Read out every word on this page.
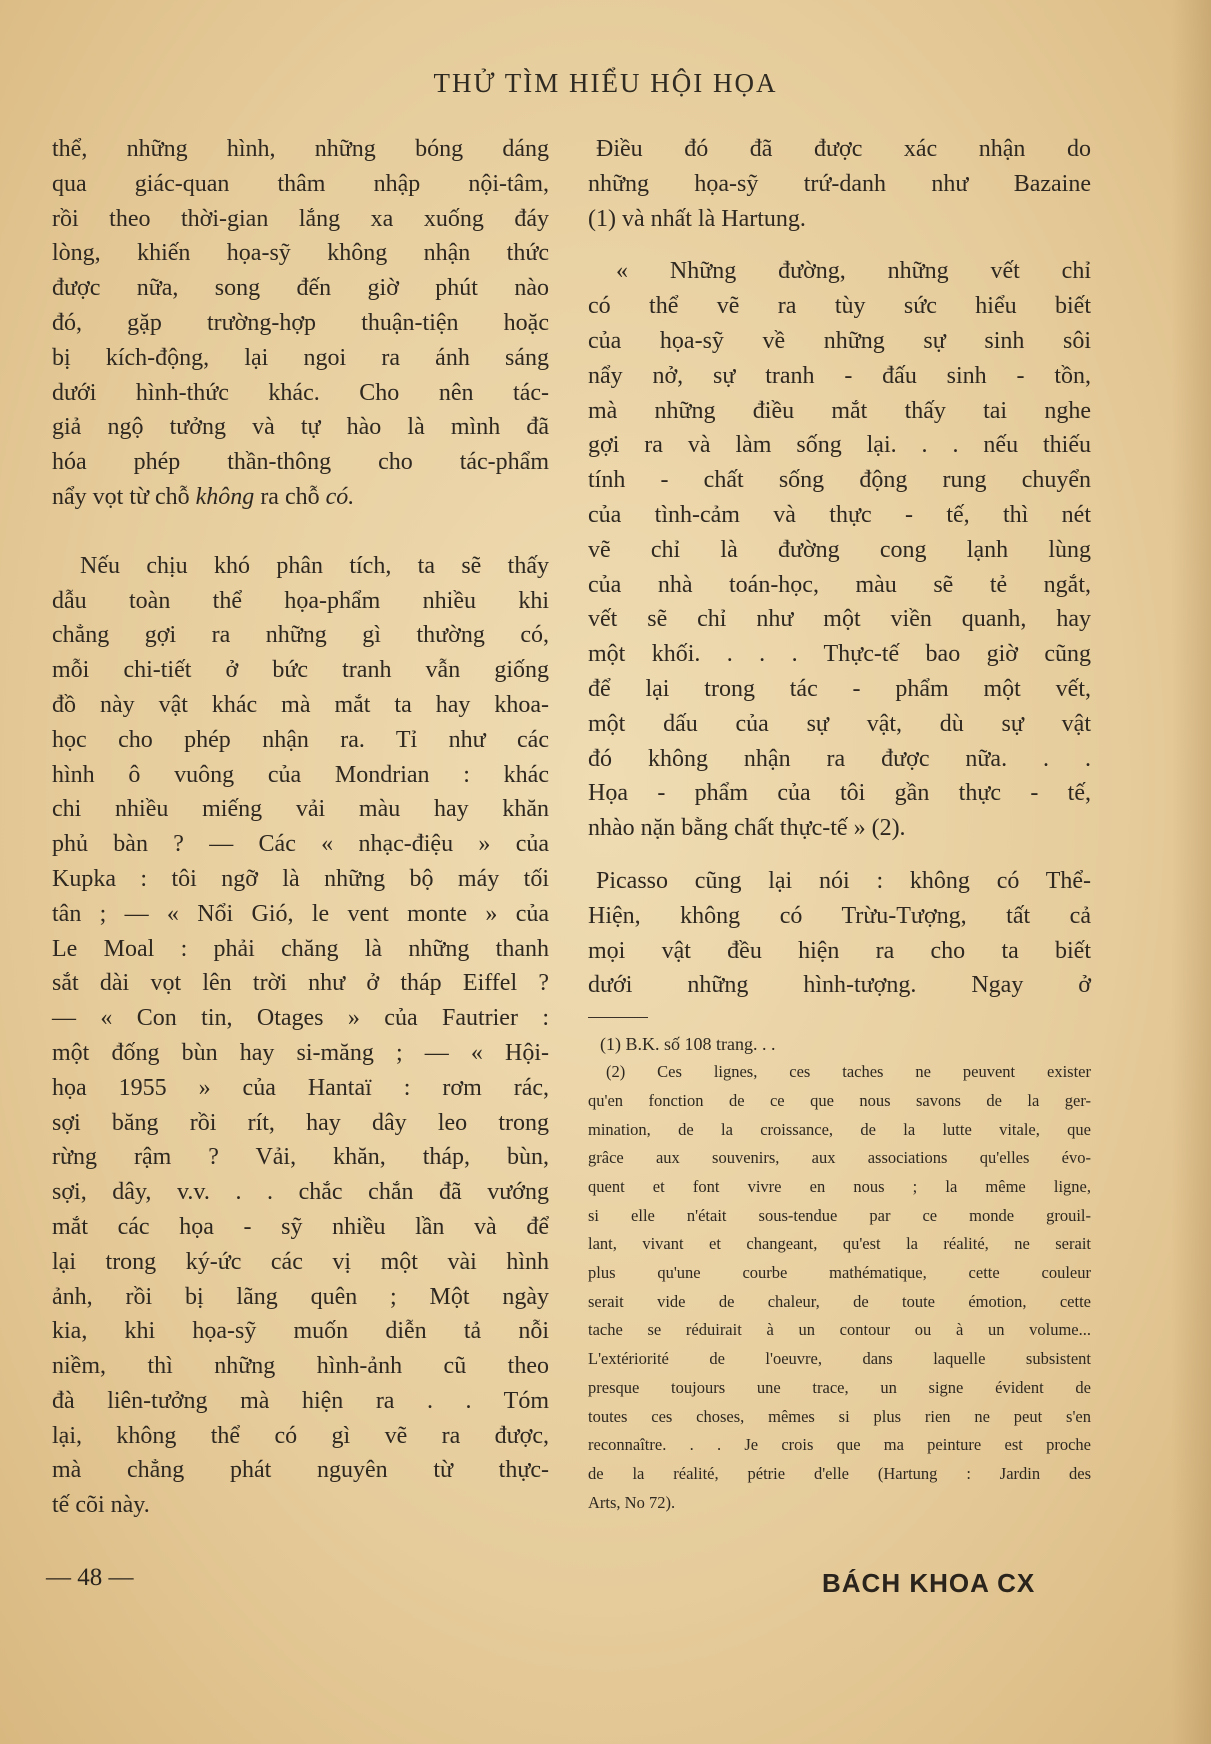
THỬ TÌM HIỂU HỘI HỌA

thể, những hình, những bóng dáng
qua giác-quan thâm nhập nội-tâm,
rồi theo thời-gian lắng xa xuống đáy
lòng, khiến họa-sỹ không nhận thức
được nữa, song đến giờ phút nào
đó, gặp trường-hợp thuận-tiện hoặc
bị kích-động, lại ngoi ra ánh sáng
dưới hình-thức khác. Cho nên tác-
giả ngộ tưởng và tự hào là mình đã
hóa phép thần-thông cho tác-phẩm
nẩy vọt từ chỗ không ra chỗ có.

Nếu chịu khó phân tích, ta sẽ thấy
dẫu toàn thể họa-phẩm nhiều khi
chẳng gợi ra những gì thường có,
mỗi chi-tiết ở bức tranh vẫn giống
đồ này vật khác mà mắt ta hay khoa-
học cho phép nhận ra. Tỉ như các
hình ô vuông của Mondrian : khác
chi nhiều miếng vải màu hay khăn
phủ bàn ? — Các « nhạc-điệu » của
Kupka : tôi ngỡ là những bộ máy tối
tân ; — « Nổi Gió, le vent monte » của
Le Moal : phải chăng là những thanh
sắt dài vọt lên trời như ở tháp Eiffel ?
— « Con tin, Otages » của Fautrier :
một đống bùn hay si-măng ; — « Hội-
họa 1955 » của Hantaï : rơm rác,
sợi băng rồi rít, hay dây leo trong
rừng rậm ? Vải, khăn, tháp, bùn,
sợi, dây, v.v. . . chắc chắn đã vướng
mắt các họa - sỹ nhiều lần và để
lại trong ký-ức các vị một vài hình
ảnh, rồi bị lãng quên ; Một ngày
kia, khi họa-sỹ muốn diễn tả nỗi
niềm, thì những hình-ảnh cũ theo
đà liên-tưởng mà hiện ra . . Tóm
lại, không thể có gì vẽ ra được,
mà chẳng phát nguyên từ thực-
tế cõi này.

Điều đó đã được xác nhận do
những họa-sỹ trứ-danh như Bazaine
(1) và nhất là Hartung.

« Những đường, những vết chỉ
có thể vẽ ra tùy sức hiểu biết
của họa-sỹ về những sự sinh sôi
nẩy nở, sự tranh - đấu sinh - tồn,
mà những điều mắt thấy tai nghe
gợi ra và làm sống lại. . . nếu thiếu
tính - chất sống động rung chuyển
của tình-cảm và thực - tế, thì nét
vẽ chỉ là đường cong lạnh lùng
của nhà toán-học, màu sẽ tẻ ngắt,
vết sẽ chỉ như một viền quanh, hay
một khối. . . . Thực-tế bao giờ cũng
để lại trong tác - phẩm một vết,
một dấu của sự vật, dù sự vật
đó không nhận ra được nữa. . .
Họa - phẩm của tôi gần thực - tế,
nhào nặn bằng chất thực-tế » (2).

Picasso cũng lại nói : không có Thể-
Hiện, không có Trừu-Tượng, tất cả
mọi vật đều hiện ra cho ta biết
dưới những hình-tượng. Ngay ở

(1) B.K. số 108 trang. . .

(2) Ces lignes, ces taches ne peuvent exister
qu'en fonction de ce que nous savons de la ger-
mination, de la croissance, de la lutte vitale, que
grâce aux souvenirs, aux associations qu'elles évo-
quent et font vivre en nous ; la même ligne,
si elle n'était sous-tendue par ce monde grouil-
lant, vivant et changeant, qu'est la réalité, ne serait
plus qu'une courbe mathématique, cette couleur
serait vide de chaleur, de toute émotion, cette
tache se réduirait à un contour ou à un volume...
L'extériorité de l'oeuvre, dans laquelle subsistent
presque toujours une trace, un signe évident de
toutes ces choses, mêmes si plus rien ne peut s'en
reconnaître. . . Je crois que ma peinture est proche
de la réalité, pétrie d'elle (Hartung : Jardin des
Arts, No 72).

— 48 —	BÁCH KHOA CX
